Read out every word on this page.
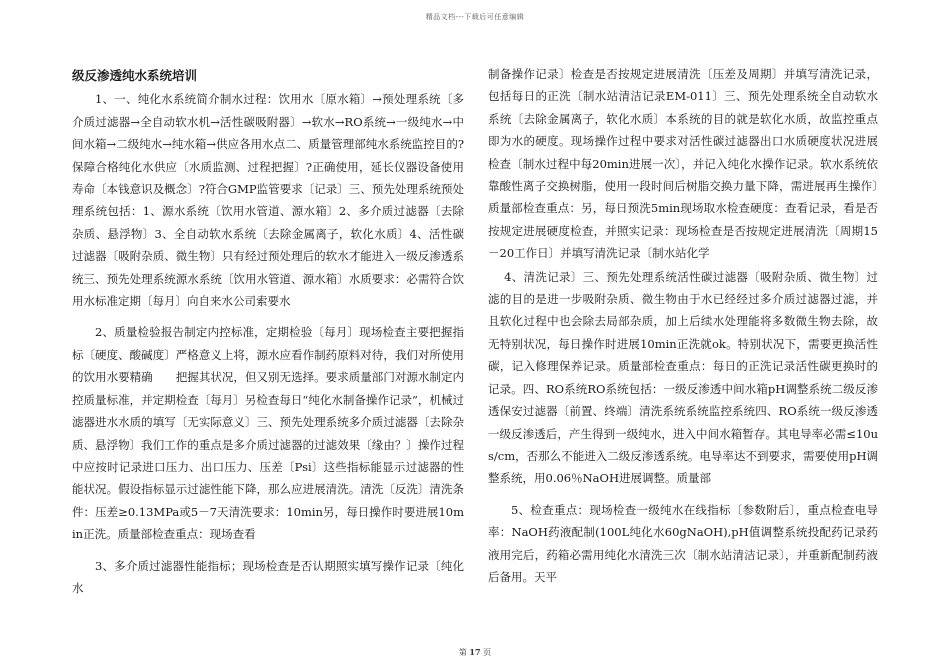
精品文档---下载后可任意编辑
级反渗透纯水系统培训

1、一、纯化水系统简介制水过程：饮用水〔原水箱〕→预处理系统〔多介质过滤器→全自动软水机→活性碳吸附器〕→软水→RO系统→一级纯水→中间水箱→二级纯水→纯水箱→供应各用水点二、质量管理部纯水系统监控目的?保障合格纯化水供应〔水质监测、过程把握〕?正确使用，延长仪器设备使用寿命〔本钱意识及概念〕?符合GMP监管要求〔记录〕三、预先处理系统预处理系统包括：1、源水系统〔饮用水管道、源水箱〕2、多介质过滤器〔去除杂质、悬浮物〕3、全自动软水系统〔去除金属离子，软化水质〕4、活性碳过滤器〔吸附杂质、微生物〕只有经过预处理后的软水才能进入一级反渗透系统三、预先处理系统源水系统〔饮用水管道、源水箱〕水质要求：必需符合饮用水标准定期〔每月〕向自来水公司索要水

2、质量检验报告制定内控标准，定期检验〔每月〕现场检查主要把握指标〔硬度、酸碱度〕严格意义上将，源水应看作制药原料对待，我们对所使用的饮用水要精确　　把握其状况，但又别无选择。要求质量部门对源水制定内控质量标准，并定期检查〔每月〕另检查每日“纯化水制备操作记录”，机械过滤器进水水质的填写〔无实际意义〕三、预先处理系统多介质过滤器〔去除杂质、悬浮物〕我们工作的重点是多介质过滤器的过滤效果〔缘由？〕操作过程中应按时记录进口压力、出口压力、压差〔Psi〕这些指标能显示过滤器的性能状况。假设指标显示过滤性能下降，那么应进展清洗。清洗〔反洗〕清洗条件：压差≥0.13MPa或5－7天清洗要求：10min另，每日操作时要进展10min正洗。质量部检查重点：现场查看

3、多介质过滤器性能指标；现场检查是否认期照实填写操作记录〔纯化水

制备操作记录〕检查是否按规定进展清洗〔压差及周期〕并填写清洗记录，包括每日的正洗〔制水站清洁记录EM-011〕三、预先处理系统全自动软水系统〔去除金属离子，软化水质〕本系统的目的就是软化水质，故监控重点即为水的硬度。现场操作过程中要求对活性碳过滤器出口水质硬度状况进展检查〔制水过程中每20min进展一次〕，并记入纯化水操作记录。软水系统依靠酸性离子交换树脂，使用一段时间后树脂交换力量下降，需进展再生操作〕质量部检查重点：另，每日预洗5min现场取水检查硬度：查看记录，看是否按规定进展硬度检查，并照实记录：现场检查是否按规定进展清洗〔周期15－20工作日〕并填写清洗记录〔制水站化学

4、清洗记录〕三、预先处理系统活性碳过滤器〔吸附杂质、微生物〕过滤的目的是进一步吸附杂质、微生物由于水已经经过多介质过滤器过滤，并且软化过程中也会除去局部杂质，加上后续水处理能将多数微生物去除，故无特别状况，每日操作时进展10min正洗就ok。特别状况下，需要更换活性碳，记入修理保养记录。质量部检查重点：每日的正洗记录活性碳更换时的记录。四、RO系统RO系统包括：一级反渗透中间水箱pH调整系统二级反渗透保安过滤器〔前置、终端〕清洗系统系统监控系统四、RO系统一级反渗透一级反渗透后，产生得到一级纯水，进入中间水箱暂存。其电导率必需≤10us/cm，否那么不能进入二级反渗透系统。电导率达不到要求，需要使用pH调整系统，用0.06％NaOH进展调整。质量部

5、检查重点：现场检查一级纯水在线指标〔参数附后〕，重点检查电导率：NaOH药液配制(100L纯化水60gNaOH),pH值调整系统投配药记录药液用完后，药箱必需用纯化水清洗三次〔制水站清洁记录〕，并重新配制药液后备用。天平

第 17 页
